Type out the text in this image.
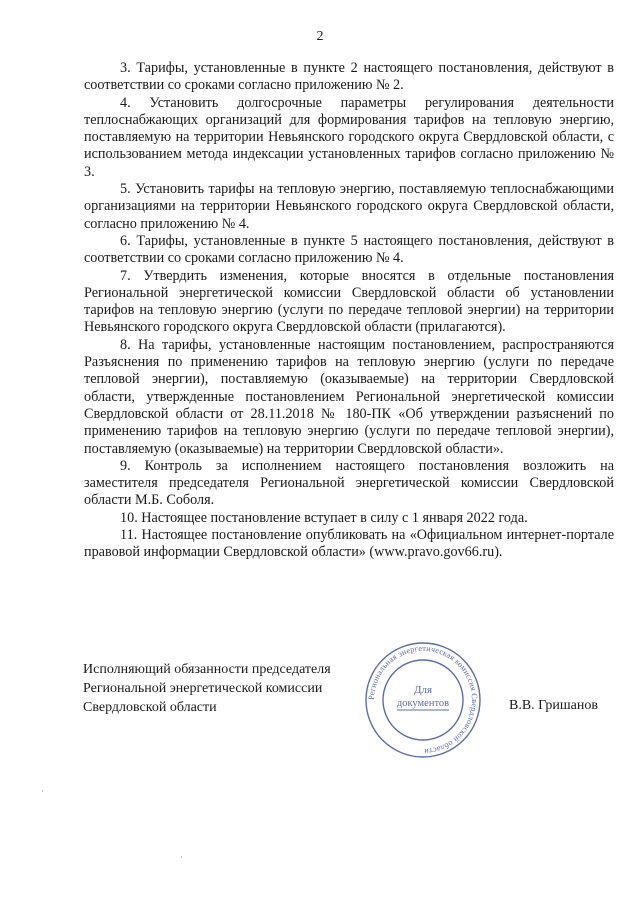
2

3. Тарифы, установленные в пункте 2 настоящего постановления, действуют в соответствии со сроками согласно приложению № 2.

4. Установить долгосрочные параметры регулирования деятельности теплоснабжающих организаций для формирования тарифов на тепловую энергию, поставляемую на территории Невьянского городского округа Свердловской области, с использованием метода индексации установленных тарифов согласно приложению № 3.

5. Установить тарифы на тепловую энергию, поставляемую теплоснабжающими организациями на территории Невьянского городского округа Свердловской области, согласно приложению № 4.

6. Тарифы, установленные в пункте 5 настоящего постановления, действуют в соответствии со сроками согласно приложению № 4.

7. Утвердить изменения, которые вносятся в отдельные постановления Региональной энергетической комиссии Свердловской области об установлении тарифов на тепловую энергию (услуги по передаче тепловой энергии) на территории Невьянского городского округа Свердловской области (прилагаются).

8. На тарифы, установленные настоящим постановлением, распространяются Разъяснения по применению тарифов на тепловую энергию (услуги по передаче тепловой энергии), поставляемую (оказываемые) на территории Свердловской области, утвержденные постановлением Региональной энергетической комиссии Свердловской области от 28.11.2018 № 180-ПК «Об утверждении разъяснений по применению тарифов на тепловую энергию (услуги по передаче тепловой энергии), поставляемую (оказываемые) на территории Свердловской области».

9. Контроль за исполнением настоящего постановления возложить на заместителя председателя Региональной энергетической комиссии Свердловской области М.Б. Соболя.

10. Настоящее постановление вступает в силу с 1 января 2022 года.

11. Настоящее постановление опубликовать на «Официальном интернет-портале правовой информации Свердловской области» (www.pravo.gov66.ru).

Исполняющий обязанности председателя
Региональной энергетической комиссии
Свердловской области	В.В. Гришанов
Региональная энергетическая комиссия Свердловской области
Для
документов
